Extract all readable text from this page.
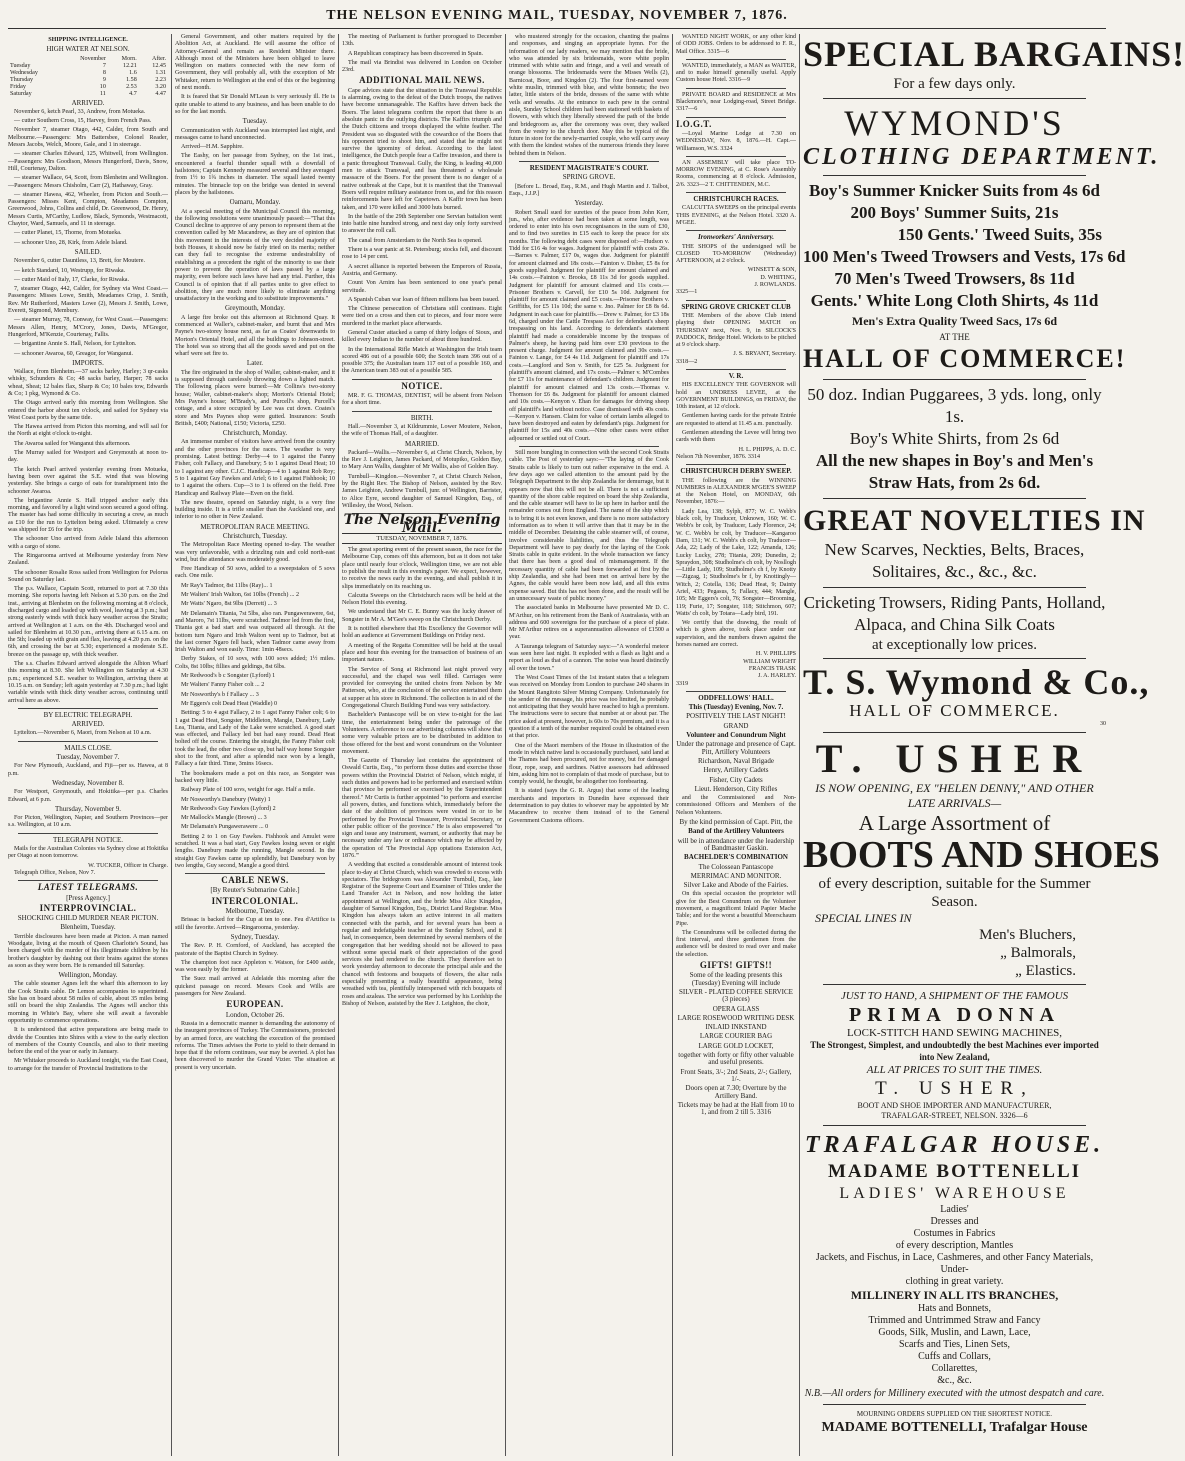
THE NELSON EVENING MAIL, TUESDAY, NOVEMBER 7, 1876.
SHIPPING INTELLIGENCE.
HIGH WATER AT NELSON.
	November	Morn.	After.
Tuesday	7	12.21	12.45
Wednesday	8	1.6	1.31
Thursday	9	1.58	2.23
Friday	10	2.53	3.20
Saturday	11	4.7	4.47
ARRIVED.

November 6, ketch Pearl, 33, Andrew, from Motueka.

— cutter Southern Cross, 15, Harvey, from French Pass.

November 7, steamer Otago, 442, Calder, from South and Melbourne.—Passengers: Mrs Battersbee, Colonel Reader, Messrs Jacobs, Welch, Moore, Gale, and 1 in steerage.

— steamer Charles Edward, 125, Whitwell, from Wellington.—Passengers: Mrs Goodison, Messrs Hungerford, Davis, Snow, Hill, Courtenay, Dalton.

— steamer Wallace, 64, Scott, from Blenheim and Wellington.—Passengers: Messrs Chisholm, Carr (2), Hathaway, Gray.

— steamer Hawea, 462, Wheeler, from Picton and South.—Passengers: Misses Kent, Compton, Meadames Compton, Greenwood, Johns, Collins and child, Dr. Greenwood, Dr. Henry, Messrs Curtis, M'Carthy, Ludlow, Black, Symonds, Westmacott, Chaytor, Ward, Samuels, and 11 in steerage.

— cutter Planet, 15, Thorne, from Motueka.

— schooner Uno, 28, Kirk, from Adele Island.

SAILED.

November 6, cutter Dauntless, 13, Brett, for Moutere.

— ketch Standard, 10, Westrupp, for Riwaka.

— cutter Maid of Italy, 17, Clarke, for Riwaka.

7, steamer Otago, 442, Calder, for Sydney via West Coast.—Passengers: Misses Lowe, Smith, Meadames Crisp, J. Smith, Rev. Mr Rutherford, Masters Lowe (2), Messrs J. Smith, Lowe, Everett, Sigmond, Membury.

— steamer Murray, 78, Conway, for West Coast.—Passengers: Messrs Allen, Henry, M'Crory, Jones, Davis, M'Gregor, Hungerford, M'Kenzie, Courtenay, Fallis.

— brigantine Annie S. Hall, Nelson, for Lyttelton.

— schooner Awaroa, 60, Greagor, for Wanganui.

IMPORTS.

Wallace, from Blenheim.—37 sacks barley, Harley; 3 qr-casks whisky, Schunders & Co; 48 sacks barley, Harper; 78 sacks wheat, Sheat; 12 bales flax, Sharp & Co; 10 bales tow, Edwards & Co; 1 pkg, Wymond & Co.

The Otago arrived early this morning from Wellington. She entered the harbor about ten o'clock, and sailed for Sydney via West Coast ports by the same tide.

The Hawea arrived from Picton this morning, and will sail for the North at eight o'clock to-night.

The Awaroa sailed for Wanganui this afternoon.

The Murray sailed for Westport and Greymouth at noon to-day.

The ketch Pearl arrived yesterday evening from Motueka, having been over against the S.E. wind that was blowing yesterday. She brings a cargo of oats for transhipment into the schooner Awaroa.

The brigantine Annie S. Hall tripped anchor early this morning, and favored by a light wind soon secured a good offing. The master has had some difficulty in securing a crew, as much as £10 for the run to Lyttelton being asked. Ultimately a crew was shipped for £6 for the trip.

The schooner Uno arrived from Adele Island this afternoon with a cargo of stone.

The Ringarooma arrived at Melbourne yesterday from New Zealand.

The schooner Rosalie Ross sailed from Wellington for Pelorus Sound on Saturday last.

The p.s. Wallace, Captain Scott, returned to port at 7.30 this morning. She reports having left Nelson at 5.30 p.m. on the 2nd inst., arriving at Blenheim on the following morning at 8 o'clock, discharged cargo and loaded up with wool, leaving at 3 p.m.; had strong easterly winds with thick hazy weather across the Straits; arrived at Wellington at 1 a.m. on the 4th. Discharged wool and sailed for Blenheim at 10.30 p.m., arriving there at 6.15 a.m. on the 5th; loaded up with grain and flax, leaving at 4.20 p.m. on the 6th, and crossing the bar at 5.30; experienced a moderate S.E. breeze on the passage up, with thick weather.

The s.s. Charles Edward arrived alongside the Albion Wharf this morning at 8.30. She left Wellington on Saturday at 4.30 p.m.; experienced S.E. weather to Wellington, arriving there at 10.15 a.m. on Sunday; left again yesterday at 7.30 p.m.; had light variable winds with thick dirty weather across, continuing until arrival here as above.

BY ELECTRIC TELEGRAPH.
ARRIVED.

Lyttelton.—November 6, Maori, from Nelson at 10 a.m.

MAILS CLOSE.
Tuesday, November 7.

For New Plymouth, Auckland, and Fiji—per ss. Hawea, at 8 p.m.

Wednesday, November 8.

For Westport, Greymouth, and Hokitika—per p.s. Charles Edward, at 6 p.m.

Thursday, November 9.

For Picton, Wellington, Napier, and Southern Provinces—per s.s. Wellington, at 10 a.m.

TELEGRAPH NOTICE.

Mails for the Australian Colonies via Sydney close at Hokitika per Otago at noon tomorrow.

W. TUCKER, Officer in Charge.

Telegraph Office, Nelson, Nov 7.

LATEST TELEGRAMS.
[Press Agency.]
INTERPROVINCIAL.
SHOCKING CHILD MURDER NEAR PICTON.
Blenheim, Tuesday.

Terrible disclosures have been made at Picton. A man named Woodgate, living at the mouth of Queen Charlotte's Sound, has been charged with the murder of his illegitimate children by his brother's daughter by dashing out their brains against the stones as soon as they were born. He is remanded till Saturday.

Wellington, Monday.

The cable steamer Agnes left the wharf this afternoon to lay the Cook Straits cable. Dr Lemon accompanies to superintend. She has on board about 58 miles of cable, about 35 miles being still on board the ship Zealandia. The Agnes will anchor this morning in White's Bay, where she will await a favorable opportunity to commence operations.

It is understood that active preparations are being made to divide the Counties into Shires with a view to the early election of members of the County Councils, and also to their meeting before the end of the year or early in January.

Mr Whitaker proceeds to Auckland tonight, via the East Coast, to arrange for the transfer of Provincial Institutions to the

General Government, and other matters required by the Abolition Act, at Auckland. He will assume the office of Attorney-General and remain as Resident Minister there. Although most of the Ministers have been obliged to leave Wellington on matters connected with the new form of Government, they will probably all, with the exception of Mr Whitaker, return to Wellington at the end of this or the beginning of next month.

It is feared that Sir Donald M'Lean is very seriously ill. He is quite unable to attend to any business, and has been unable to do so for the last month.

Tuesday.

Communication with Auckland was interrupted last night, and messages came to hand unconnected.

Arrived—H.M. Sapphire.

The Eashy, on her passage from Sydney, on the 1st inst., encountered a fearful thunder squall with a downfall of hailstones; Captain Kennedy measured several and they averaged from 1½ to 1¾ inches in diameter. The squall lasted twenty minutes. The binnacle top on the bridge was dented in several places by the hailstones.

Oamaru, Monday.

At a special meeting of the Municipal Council this morning, the following resolutions were unanimously passed:—"That this Council decline to approve of any person to represent them at the convention called by Mr Macandrew, as they are of opinion that this movement in the interests of the very decided majority of both Houses, it should now be fairly tried on its merits; neither can they fail to recognise the extreme undesirability of establishing as a precedent the right of the minority to use their power to prevent the operation of laws passed by a large majority, even before such laws have had any trial. Further, this Council is of opinion that if all parties unite to give effect to abolition, they are much more likely to eliminate anything unsatisfactory in the working and to substitute improvements."

Greymouth, Monday.

A large fire broke out this afternoon at Richmond Quay. It commenced at Waller's, cabinet-maker, and burnt that and Mrs Payne's two-storey house next, as far as Coates' downwards to Morton's Oriental Hotel, and all the buildings to Johnson-street. The hotel was so strong that all the goods saved and put on the wharf were set fire to.

Later.

The fire originated in the shop of Waller, cabinet-maker, and it is supposed through carelessly throwing down a lighted match. The following places were burned:—Mr Collins's two-storey house; Waller, cabinet-maker's shop; Morton's Oriental Hotel; Mrs Payne's house; M'Brady's, and Purcell's shop, Purcell's cottage, and a store occupied by Lee was cut down. Coates's store and Mrs Paynes shop were gutted. Insurances: South British, £400; National, £150; Victoria, £250.

Christchurch, Monday.

An immense number of visitors have arrived from the country and the other provinces for the races. The weather is very promising. Latest betting: Derby—4 to 1 against the Fanny Fisher, colt Fallacy, and Danebury; 5 to 1 against Dead Heat; 10 to 1 against any other. C.J.C. Handicap—4 to 1 against Rob Roy; 5 to 1 against Guy Fawkes and Ariel; 6 to 1 against Fishhook; 10 to 1 against the others. Cup—3 to 1 is offered on the field. Free Handicap and Railway Plate—Even on the field.

The new theatre, opened on Saturday night, is a very fine building inside. It is a trifle smaller than the Auckland one, and inferior to no other in New Zealand.

METROPOLITAN RACE MEETING.
Christchurch, Tuesday.

The Metropolitan Race Meeting opened to-day. The weather was very unfavorable, with a drizzling rain and cold north-east wind, but the attendance was moderately good.

Free Handicap of 50 sovs, added to a sweepstakes of 5 sovs each. One mile.

Mr Ray's Tadmor, 8st 11lbs (Ray)... 1

Mr Walters' Irish Walton, 6st 10lbs (French) ... 2

Mr Watts' Ngaro, 8st 9lbs (Derrett) ... 3

Mr Delamain's Titania, 7st 5lbs, also ran. Pungawerawere, 6st, and Maroro, 7st 11lbs, were scratched. Tadmor led from the first, Titania got a bad start and was outpaced all through. At the bottom turn Ngaro and Irish Walton went up to Tadmor, but at the last corner Ngaro fell back, when Tadmor came away from Irish Walton and won easily. Time: 1min 48secs.

Derby Stakes, of 10 sovs, with 100 sovs added; 1½ miles. Colts, 8st 10lbs; fillies and geldings, 8st 6lbs.

Mr Redwood's b c Songster (Lyford) 1

Mr Walters' Fanny Fisher colt ... 2

Mr Nosworthy's b f Fallacy ... 3

Mr Eggers's colt Dead Heat (Waddle) 0

Betting: 5 to 4 agst Fallacy, 2 to 1 agst Fanny Fisher colt; 6 to 1 agst Dead Heat, Songster, Middleton, Mangle, Danebury, Lady Lea, Titania, and Lady of the Lake were scratched. A good start was effected, and Fallacy led but had easy round. Dead Heat bolted off the course. Entering the straight, the Fanny Fisher colt took the lead, the other two close up, but half way home Songster shot to the front, and after a splendid race won by a length, Fallacy a fair third. Time, 3mins 16secs.

The bookmakers made a pot on this race, as Songster was backed very little.

Railway Plate of 100 sovs, weight for age. Half a mile.

Mr Nosworthy's Danebury (Watty) 1

Mr Redwood's Guy Fawkes (Lyford) 2

Mr Mallock's Mangle (Brown) ... 3

Mr Delamain's Pungawerawere ... 0

Betting 2 to 1 on Guy Fawkes. Fishhook and Amulet were scratched. It was a bad start, Guy Fawkes losing seven or eight lengths. Danebury made the running, Mangle second. In the straight Guy Fawkes came up splendidly, but Danebury won by two lengths, Guy second, Mangle a good third.

CABLE NEWS.
[By Reuter's Submarine Cable.]
INTERCOLONIAL.
Melbourne, Tuesday.

Brissac is backed for the Cup at ten to one. Feu d'Artifice is still the favorite. Arrived—Ringarooma, yesterday.

Sydney, Tuesday.

The Rev. P. H. Cornford, of Auckland, has accepted the pastorate of the Baptist Church in Sydney.

The champion foot race Appleton v. Watson, for £400 aside, was won easily by the former.

The Suez mail arrived at Adelaide this morning after the quickest passage on record. Messrs Cook and Wills are passengers for New Zealand.

EUROPEAN.
London, October 26.

Russia in a democratic manner is demanding the autonomy of the insurgent provinces of Turkey. The Commissioners, protected by an armed force, are watching the execution of the promised reforms. The Times advises the Porte to yield to their demand in hope that if the reform continues, war may be averted. A plot has been discovered to murder the Grand Vizier. The situation at present is very uncertain.

The meeting of Parliament is further prorogued to December 13th.

A Republican conspiracy has been discovered in Spain.

The mail via Brindisi was delivered in London on October 23rd.

ADDITIONAL MAIL NEWS.

Cape advices state that the situation in the Transvaal Republic is alarming, owing to the defeat of the Dutch troops, the natives have become unmanageable. The Kaffirs have driven back the Boers. The latest telegrams confirm the report that there is an absolute panic in the outlying districts. The Kaffirs triumph and the Dutch citizens and troops displayed the white feather. The President was so disgusted with the cowardice of the Boers that his opponent tried to shoot him, and stated that he might not survive the ignominy of defeat. According to the latest intelligence, the Dutch people fear a Caffre invasion, and there is a panic throughout Transvaal. Gully, the King, is leading 40,000 men to attack Transvaal, and has threatened a wholesale massacre of the Boers. For the present there is no danger of a native outbreak at the Cape, but it is manifest that the Transvaal Boers will require military assistance from us, and for this reason reinforcements have left for Capetown. A Kaffir town has been taken, and 170 were killed and 3000 huts burned.

In the battle of the 29th September one Servian battalion went into battle nine hundred strong, and next day only forty survived to answer the roll call.

The canal from Amsterdam to the North Sea is opened.

There is a war panic at St. Petersburg; stocks fell, and discount rose to 14 per cent.

A secret alliance is reported between the Emperors of Russia, Austria, and Germany.

Count Von Arnim has been sentenced to one year's penal servitude.

A Spanish Cuban war loan of fifteen millions has been issued.

The Chinese persecution of Christians still continues. Eight were tied on a cross and then cut to pieces, and four more were murdered in the market place afterwards.

General Custer attacked a camp of thirty lodges of Sioux, and killed every Indian to the number of about three hundred.

In the International Rifle Match at Washington the Irish team scored 486 out of a possible 600; the Scotch team 396 out of a possible 375; the Australian team 117 out of a possible 160, and the American team 383 out of a possible 585.

NOTICE.

MR. F. G. THOMAS, DENTIST, will be absent from Nelson for a short time.

BIRTH.

Hall.—November 3, at Kildrummie, Lower Moutere, Nelson, the wife of Thomas Hall, of a daughter.

MARRIED.

Packard—Wallis.—November 6, at Christ Church, Nelson, by the Rev J. Leighton, James Packard, of Motupiko, Golden Bay, to Mary Ann Wallis, daughter of Mr Wallis, also of Golden Bay.

Turnbull—Kingdon.—November 7, at Christ Church Nelson, by the Right Rev. The Bishop of Nelson, assisted by the Rev. James Leighton, Andrew Turnbull, junr. of Wellington, Barrister, to Alice Eyre, second daughter of Samuel Kingdon, Esq., of Willesley, the Wood, Nelson.

The Nelson Evening Mail.
TUESDAY, NOVEMBER 7, 1876.

The great sporting event of the present season, the race for the Melbourne Cup, comes off this afternoon, but as it does not take place until nearly four o'clock, Wellington time, we are not able to publish the result in this evening's paper. We expect, however, to receive the news early in the evening, and shall publish it in slips immediately on its reaching us.

Calcutta Sweeps on the Christchurch races will be held at the Nelson Hotel this evening.

We understand that Mr C. E. Bunny was the lucky drawer of Songster in Mr A. M'Gee's sweep on the Christchurch Derby.

It is notified elsewhere that His Excellency the Governor will hold an audience at Government Buildings on Friday next.

A meeting of the Regatta Committee will be held at the usual place and hour this evening for the transaction of business of an important nature.

The Service of Song at Richmond last night proved very successful, and the chapel was well filled. Carriages were provided for conveying the united choirs from Nelson by Mr Patterson, who, at the conclusion of the service entertained them at supper at his store in Richmond. The collection is in aid of the Congregational Church Building Fund was very satisfactory.

Bachelder's Pantascope will be on view to-night for the last time, the entertainment being under the patronage of the Volunteers. A reference to our advertising columns will show that some very valuable prizes are to be distributed in addition to those offered for the best and worst conundrum on the Volunteer movement.

The Gazette of Thursday last contains the appointment of Oswald Curtis, Esq., "to perform those duties and exercise those powers within the Provincial District of Nelson, which might, if such duties and powers had to be performed and exercised within that province be performed or exercised by the Superintendent thereof." Mr Curtis is further appointed "to perform and exercise all powers, duties, and functions which, immediately before the date of the abolition of provinces were vested in or to be performed by the Provincial Treasurer, Provincial Secretary, or other public officer of the province." He is also empowered "to sign and issue any instrument, warrant, or authority that may be necessary under any law or ordinance which may be affected by the operation of 'The Provincial App optations Extension Act, 1876.'"

A wedding that excited a considerable amount of interest took place to-day at Christ Church, which was crowded to excess with spectators. The bridegroom was Alexander Turnbull, Esq., late Registrar of the Supreme Court and Examiner of Titles under the Land Transfer Act in Nelson, and now holding the latter appointment at Wellington, and the bride Miss Alice Kingdon, daughter of Samuel Kingdon, Esq., District Land Registrar. Miss Kingdon has always taken an active interest in all matters connected with the parish, and for several years has been a regular and indefatigable teacher at the Sunday School, and it had, in consequence, been determined by several members of the congregation that her wedding should not be allowed to pass without some special mark of their appreciation of the good services she had rendered to the church. They therefore set to work yesterday afternoon to decorate the principal aisle and the chancel with festoons and bouquets of flowers, the altar rails especially presenting a really beautiful appearance, being wreathed with tea, plentifully interspersed with rich bouquets of roses and azaleas. The service was performed by his Lordship the Bishop of Nelson, assisted by the Rev J. Leighton, the choir,

who mustered strongly for the occasion, chanting the psalms and responses, and singing an appropriate hymn. For the information of our lady readers, we may mention that the bride, who was attended by six bridesmaids, wore white poplin trimmed with white satin and fringe, and a veil and wreath of orange blossoms. The bridesmaids were the Misses Wells (2), Barnicoat, Boor, and Kingdon (2). The four first-named wore white muslin, trimmed with blue, and white bonnets; the two latter, little sisters of the bride, dresses of the same with white veils and wreaths. At the entrance to each pew in the central aisle, Sunday School children had been stationed with baskets of flowers, with which they liberally strewed the path of the bride and bridegroom as, after the ceremony was over, they walked from the vestry to the church door. May this be typical of the future in store for the newly-married couple, who will carry away with them the kindest wishes of the numerous friends they leave behind them in Nelson.

RESIDENT MAGISTRATE'S COURT.
SPRING GROVE.

[Before L. Broad, Esq., R.M., and Hugh Martin and J. Talbot, Esqs., J.J.P.]

Yesterday.

Robert Small sued for sureties of the peace from John Kerr, jun., who, after evidence had been taken at some length, was ordered to enter into his own recognisances in the sum of £30, and to find two sureties in £15 each to keep the peace for six months. The following debt cases were disposed of:—Hudson v. Tidd for £16 4s for wages. Judgment for plaintiff with costs 26s.—Barnes v. Palmer, £17 0s, wages due. Judgment for plaintiff for amount claimed and 18s costs.—Fainton v. Disher, £5 8s for goods supplied. Judgment for plaintiff for amount claimed and 14s costs.—Fainton v. Brooks, £8 11s 3d for goods supplied. Judgment for plaintiff for amount claimed and 11s costs.—Prisoner Brothers v. Carvell, for £10 5s 10d. Judgment for plaintiff for amount claimed and £5 costs.—Prisoner Brothers v. Griffiths, for £5 11s 10d; the same v. Jno. Palmer for £8 8s 6d. Judgment in each case for plaintiffs.—Drew v. Palmer, for £3 18s 6d, charged under the Cattle Trespass Act for defendant's sheep trespassing on his land. According to defendant's statement plaintiff had made a considerable income by the trespass of Palmer's sheep, he having paid him over £30 previous to the present charge. Judgment for amount claimed and 30s costs.—Fainton v. Lange, for £4 4s 11d. Judgment for plaintiff and 17s costs.—Langford and Son v. Smith, for £25 5s. Judgment for plaintiff's amount claimed, and 17s costs.—Palmer v. M'Combes for £7 11s for maintenance of defendant's children. Judgment for plaintiff for amount claimed and 13s costs.—Thomas v. Thomson for £6 8s. Judgment for plaintiff for amount claimed and 10s costs.—Kenyon v. Ehan for damages for driving sheep off plaintiff's land without notice. Case dismissed with 40s costs.—Kenyon v. Hansen. Claim for value of certain lambs alleged to have been destroyed and eaten by defendant's pigs. Judgment for plaintiff for 15s and 40s costs.—Nine other cases were either adjourned or settled out of Court.

Still more bungling in connection with the second Cook Straits cable. The Post of yesterday says:—"The laying of the Cook Straits cable is likely to turn out rather expensive in the end. A few days ago we called attention to the amount paid by the Telegraph Department to the ship Zealandia for demurrage, but it appears now that this will not be all. There is not a sufficient quantity of the shore cable required on board the ship Zealandia, and the cable steamer will have to lie up here in harbor until the remainder comes out from England. The name of the ship which is to bring it is not even known, and there is no more satisfactory information as to when it will arrive than that it may be in the middle of December. Detaining the cable steamer will, of course, involve considerable liabilities, and thus the Telegraph Department will have to pay dearly for the laying of the Cook Straits cable in quite evident. In the whole transaction we fancy that there has been a good deal of mismanagement. If the necessary quantity of cable had been forwarded at first by the ship Zealandia, and she had been met on arrival here by the Agnes, the cable would have been now laid, and all this extra expense saved. But this has not been done, and the result will be an unnecessary waste of public money."

The associated banks in Melbourne have presented Mr D. C. M'Arthur, on his retirement from the Bank of Australasia, with an address and 600 sovereigns for the purchase of a piece of plate. Mr M'Arthur retires on a superannuation allowance of £1500 a year.

A Tauranga telegram of Saturday says:—"A wonderful meteor was seen here last night. It exploded with a flash as light and a report as loud as that of a cannon. The noise was heard distinctly all over the town."

The West Coast Times of the 1st instant states that a telegram was received on Monday from London to purchase 240 shares in the Mount Rangitoto Silver Mining Company. Unfortunately for the sender of the message, his price was too limited, he probably not anticipating that they would have reached to high a premium. The instructions were to secure that number at or about par. The price asked at present, however, is 60s to 70s premium, and it is a question if a tenth of the number required could be obtained even at that price.

One of the Maori members of the House in illustration of the mode in which native land is occasionally purchased, said land at the Thames had been procured, not for money, but for damaged flour, rope, soap, and sardines. Native assessors had addressed him, asking him not to complain of that mode of purchase, but to comply would, he thought, be altogether too forebearing.

It is stated (says the G. R. Argus) that some of the leading merchants and importers in Dunedin have expressed their determination to pay duties to whoever may be appointed by Mr Macandrew to receive them instead of to the General Government Customs officers.

WANTED NIGHT WORK, or any other kind of ODD JOBS. Orders to be addressed to F. R., Mail Office. 3315—6

WANTED, immediately, a MAN as WAITER, and to make himself generally useful. Apply Custom house Hotel. 3316—9

PRIVATE BOARD and RESIDENCE at Mrs Blackmore's, near Lodging-road, Street Bridge. 3317—6

I.O.G.T.

—Loyal Marine Lodge at 7.30 on WEDNESDAY, Nov. 8, 1876.—H. Capt.—Williamson, W.S. 3324

AN ASSEMBLY will take place TO-MORROW EVENING, at C. Rose's Assembly Rooms, commencing at 8 o'clock. Admission, 2/6. 3323—2 T. CHITTENDEN, M.C.

CHRISTCHURCH RACES.

CALCUTTA SWEEPS on the principal events THIS EVENING, at the Nelson Hotel. 3320 A. M'GEE.

Ironworkers' Anniversary.

THE SHOPS of the undersigned will be CLOSED TO-MORROW (Wednesday) AFTERNOON, at 2 o'clock.

WINSETT & SON,
D. WHITING,
J. ROWLANDS.
3325—1
SPRING GROVE CRICKET CLUB

THE Members of the above Club intend playing their OPENING MATCH on THURSDAY next, Nov. 9, in SILCOCK'S PADDOCK, Bridge Hotel. Wickets to be pitched at 9 o'clock sharp.

J. S. BRYANT, Secretary.
3318—2
V. R.

HIS EXCELLENCY THE GOVERNOR will hold an UNDRESS LEVEE, at the GOVERNMENT BUILDINGS, on FRIDAY, the 10th instant, at 12 o'clock.

Gentlemen having cards for the private Entrée are requested to attend at 11.45 a.m. punctually.

Gentlemen attending the Levee will bring two cards with them

H. L. PHIPPS, A. D. C.
Nelson 7th November, 1876. 3314
CHRISTCHURCH DERBY SWEEP.

THE following are the WINNING NUMBERS in ALEXANDER M'GEE'S SWEEP at the Nelson Hotel, on MONDAY, 6th November, 1876:—

Lady Lea, 138; Sylph, 877; W. C. Webb's black colt, by Traducer, Unknown, 160; W. C. Webb's br colt, by Traducer, Lady Florence, 24; W. C. Webb's br colt, by Traducer—Kangaroo Dam, 131; W. C. Webb's ch colt, by Traducer—Ada, 22; Lady of the Lake, 122; Amanda, 126; Lucky Lucky, 278; Titania, 209; Dunedin, 2; Spraydon, 308; Studholme's ch colt, by Nosllogh—Little Lady, 109; Studholme's ch f, by Knotty—Zigzag, 1; Studholme's br f, by Knottingly—Witch, 2; Cotella, 136; Dead Heat, 9; Dainty Ariel, 433; Pegasus, 5; Fallacy, 444; Mangle, 105; Mr Eggers's colt, 76; Songster—Brooming, 119; Furie, 17; Songster, 118; Stitchmon, 607; Watts' ch colt, by Totara—Lady bird, 191.

We certify that the drawing, the result of which is given above, took place under our supervision, and the numbers drawn against the horses named are correct.

H. V. PHILLIPS
WILLIAM WRIGHT
FRANCIS TRASK
J. A. HARLEY.
3319
ODDFELLOWS' HALL.
This (Tuesday) Evening, Nov. 7.
POSITIVELY THE LAST NIGHT!
GRAND
Volunteer and Conundrum Night
Under the patronage and presence of Capt. Pitt, Artillery Volunteers
Richardson, Naval Brigade
Henry, Artillery Cadets
Fisher, City Cadets
Lieut. Henderson, City Rifles

and the Commissioned and Non-commissioned Officers and Members of the Nelson Volunteers.

By the kind permission of Capt. Pitt, the
Band of the Artillery Volunteers
will be in attendance under the leadership of Bandmaster Gaskin.
BACHELDER'S COMBINATION
The Colossean Pantascope
MERRIMAC AND MONITOR.
Silver Lake and Abode of the Fairies.

On this special occasion the proprietor will give for the Best Conundrum on the Volunteer movement, a magnificent Inlaid Papier Mache Table; and for the worst a beautiful Meerschaum Pipe.

The Conundrums will be collected during the first interval, and three gentlemen from the audience will be desired to read over and make the selection.

GIFTS! GIFTS!!
Some of the leading presents this (Tuesday) Evening will include
SILVER - PLATED COFFEE SERVICE (3 pieces)
OPERA GLASS
LARGE ROSEWOOD WRITING DESK
INLAID INKSTAND
LARGE COURIER BAG
LARGE GOLD LOCKET,
together with forty or fifty other valuable and useful presents.
Front Seats, 3/-; 2nd Seats, 2/-; Gallery, 1/-.
Doors open at 7.30; Overture by the Artillery Band.
Tickets may be had at the Hall from 10 to 1, and from 2 till 5. 3316
SPECIAL BARGAINS!
For a few days only.
WYMOND'S
CLOTHING DEPARTMENT.
Boy's Summer Knicker Suits from 4s 6d
200 Boys' Summer Suits, 21s
150 Gents.' Tweed Suits, 35s
100 Men's Tweed Trowsers and Vests, 17s 6d
70 Men's Tweed Trowsers, 8s 11d
Gents.' White Long Cloth Shirts, 4s 11d
Men's Extra Quality Tweed Sacs, 17s 6d
AT THE
HALL OF COMMERCE!
50 doz. Indian Puggarees, 3 yds. long, only 1s.
Boy's White Shirts, from 2s 6d
All the new shapes in Boy's and Men's Straw Hats, from 2s 6d.
GREAT NOVELTIES IN
New Scarves, Neckties, Belts, Braces, Solitaires, &c., &c., &c.
Cricketing Trowsers, Riding Pants, Holland, Alpaca, and China Silk Coats
at exceptionally low prices.
T. S. Wymond & Co.,
HALL OF COMMERCE.
30
T. USHER
IS NOW OPENING, EX "HELEN DENNY," AND OTHER LATE ARRIVALS—
A Large Assortment of
BOOTS AND SHOES
of every description, suitable for the Summer Season.
SPECIAL LINES IN
Men's Bluchers,
„ Balmorals,
„ Elastics.
JUST TO HAND, A SHIPMENT OF THE FAMOUS
PRIMA DONNA
LOCK-STITCH HAND SEWING MACHINES,
The Strongest, Simplest, and undoubtedly the best Machines ever imported into New Zealand,
ALL AT PRICES TO SUIT THE TIMES.
T. USHER,
BOOT AND SHOE IMPORTER AND MANUFACTURER,
TRAFALGAR-STREET, NELSON. 3326—6
TRAFALGAR HOUSE.
MADAME BOTTENELLI
LADIES' WAREHOUSE
Ladies'
Dresses and
Costumes in Fabrics
of every description, Mantles
Jackets, and Fischus, in Lace, Cashmeres, and other Fancy Materials, Under-
clothing in great variety.
MILLINERY IN ALL ITS BRANCHES,
Hats and Bonnets,
Trimmed and Untrimmed Straw and Fancy
Goods, Silk, Muslin, and Lawn, Lace,
Scarfs and Ties, Linen Sets,
Cuffs and Collars,
Collarettes,
&c., &c.
N.B.—All orders for Millinery executed with the utmost despatch and care.
MOURNING ORDERS SUPPLIED ON THE SHORTEST NOTICE.
MADAME BOTTENELLI, Trafalgar House
